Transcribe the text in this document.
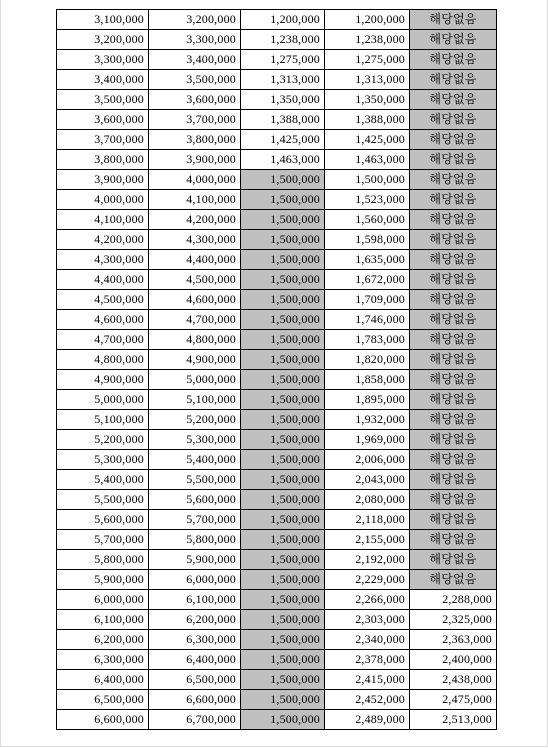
3,100,000	3,200,000	1,200,000	1,200,000	해당없음
3,200,000	3,300,000	1,238,000	1,238,000	해당없음
3,300,000	3,400,000	1,275,000	1,275,000	해당없음
3,400,000	3,500,000	1,313,000	1,313,000	해당없음
3,500,000	3,600,000	1,350,000	1,350,000	해당없음
3,600,000	3,700,000	1,388,000	1,388,000	해당없음
3,700,000	3,800,000	1,425,000	1,425,000	해당없음
3,800,000	3,900,000	1,463,000	1,463,000	해당없음
3,900,000	4,000,000	1,500,000	1,500,000	해당없음
4,000,000	4,100,000	1,500,000	1,523,000	해당없음
4,100,000	4,200,000	1,500,000	1,560,000	해당없음
4,200,000	4,300,000	1,500,000	1,598,000	해당없음
4,300,000	4,400,000	1,500,000	1,635,000	해당없음
4,400,000	4,500,000	1,500,000	1,672,000	해당없음
4,500,000	4,600,000	1,500,000	1,709,000	해당없음
4,600,000	4,700,000	1,500,000	1,746,000	해당없음
4,700,000	4,800,000	1,500,000	1,783,000	해당없음
4,800,000	4,900,000	1,500,000	1,820,000	해당없음
4,900,000	5,000,000	1,500,000	1,858,000	해당없음
5,000,000	5,100,000	1,500,000	1,895,000	해당없음
5,100,000	5,200,000	1,500,000	1,932,000	해당없음
5,200,000	5,300,000	1,500,000	1,969,000	해당없음
5,300,000	5,400,000	1,500,000	2,006,000	해당없음
5,400,000	5,500,000	1,500,000	2,043,000	해당없음
5,500,000	5,600,000	1,500,000	2,080,000	해당없음
5,600,000	5,700,000	1,500,000	2,118,000	해당없음
5,700,000	5,800,000	1,500,000	2,155,000	해당없음
5,800,000	5,900,000	1,500,000	2,192,000	해당없음
5,900,000	6,000,000	1,500,000	2,229,000	해당없음
6,000,000	6,100,000	1,500,000	2,266,000	2,288,000
6,100,000	6,200,000	1,500,000	2,303,000	2,325,000
6,200,000	6,300,000	1,500,000	2,340,000	2,363,000
6,300,000	6,400,000	1,500,000	2,378,000	2,400,000
6,400,000	6,500,000	1,500,000	2,415,000	2,438,000
6,500,000	6,600,000	1,500,000	2,452,000	2,475,000
6,600,000	6,700,000	1,500,000	2,489,000	2,513,000
